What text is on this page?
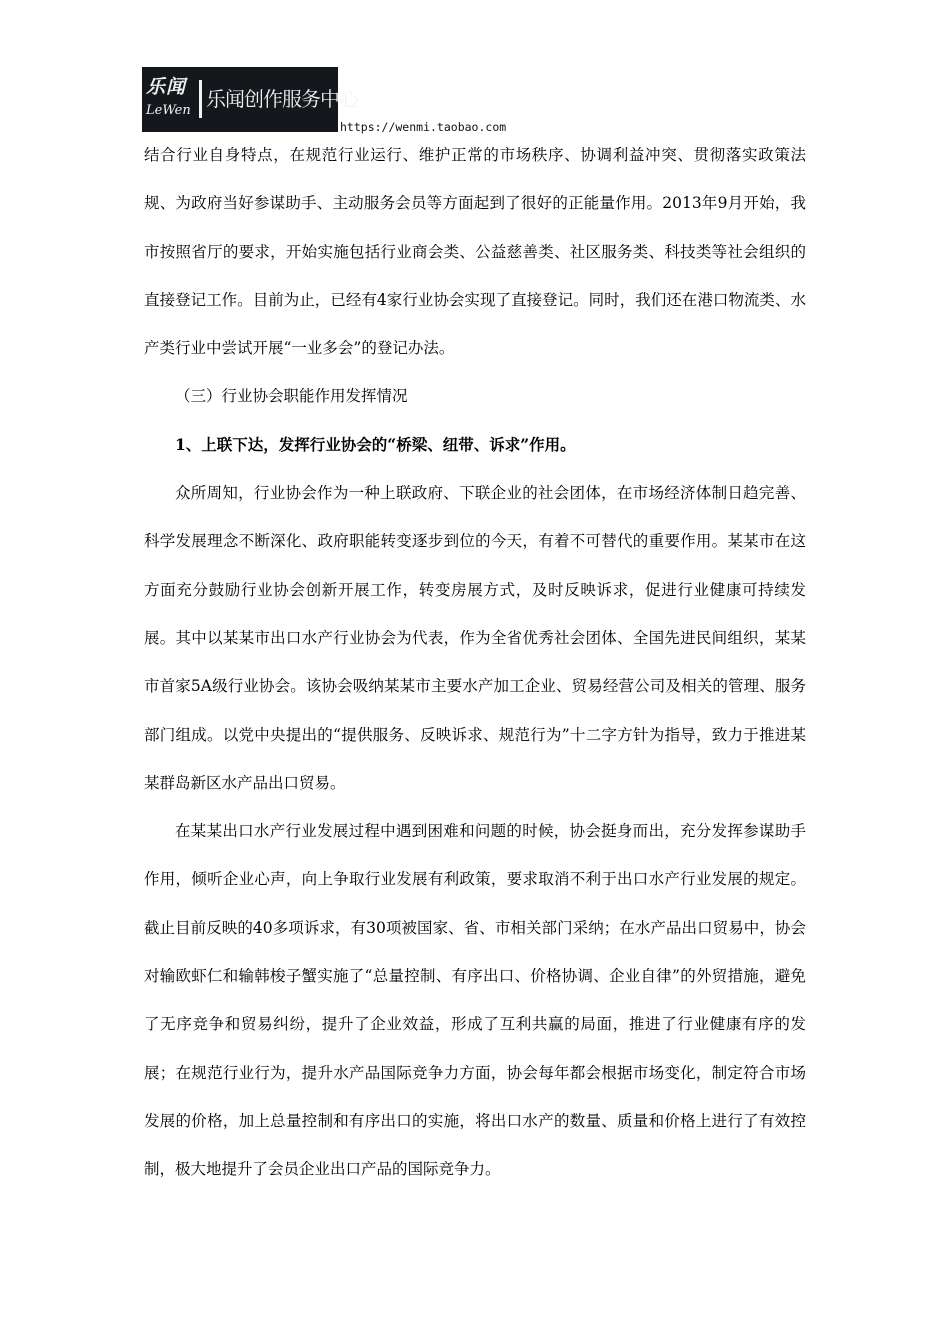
乐闻
LeWen 乐闻创作服务中心
https://wenmi.taobao.com

结合行业自身特点，在规范行业运行、维护正常的市场秩序、协调利益冲突、贯彻落实政策法规、为政府当好参谋助手、主动服务会员等方面起到了很好的正能量作用。2013年9月开始，我市按照省厅的要求，开始实施包括行业商会类、公益慈善类、社区服务类、科技类等社会组织的直接登记工作。目前为止，已经有4家行业协会实现了直接登记。同时，我们还在港口物流类、水产类行业中尝试开展“一业多会”的登记办法。

（三）行业协会职能作用发挥情况

1、上联下达，发挥行业协会的“桥梁、纽带、诉求”作用。

众所周知，行业协会作为一种上联政府、下联企业的社会团体，在市场经济体制日趋完善、科学发展理念不断深化、政府职能转变逐步到位的今天，有着不可替代的重要作用。某某市在这方面充分鼓励行业协会创新开展工作，转变房展方式，及时反映诉求，促进行业健康可持续发展。其中以某某市出口水产行业协会为代表，作为全省优秀社会团体、全国先进民间组织，某某市首家5A级行业协会。该协会吸纳某某市主要水产加工企业、贸易经营公司及相关的管理、服务部门组成。以党中央提出的“提供服务、反映诉求、规范行为”十二字方针为指导，致力于推进某某群岛新区水产品出口贸易。

在某某出口水产行业发展过程中遇到困难和问题的时候，协会挺身而出，充分发挥参谋助手作用，倾听企业心声，向上争取行业发展有利政策，要求取消不利于出口水产行业发展的规定。截止目前反映的40多项诉求，有30项被国家、省、市相关部门采纳；在水产品出口贸易中，协会对输欧虾仁和输韩梭子蟹实施了“总量控制、有序出口、价格协调、企业自律”的外贸措施，避免了无序竞争和贸易纠纷，提升了企业效益，形成了互利共赢的局面，推进了行业健康有序的发展；在规范行业行为，提升水产品国际竞争力方面，协会每年都会根据市场变化，制定符合市场发展的价格，加上总量控制和有序出口的实施，将出口水产的数量、质量和价格上进行了有效控制，极大地提升了会员企业出口产品的国际竞争力。
